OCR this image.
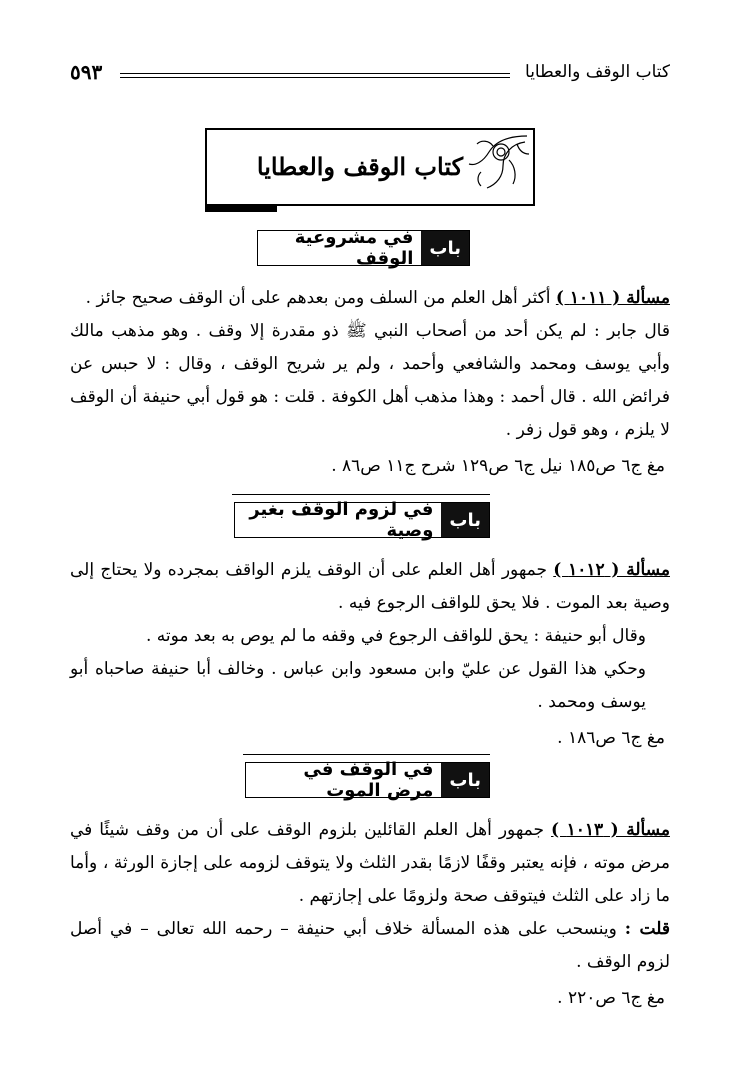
٥٩٣	كتاب الوقف والعطايا
كتاب الوقف والعطايا
باب
في مشروعية الوقف
مسألة ( ١٠١١ ) أكثر أهل العلم من السلف ومن بعدهم على أن الوقف صحيح جائز .
قال جابر : لم يكن أحد من أصحاب النبي ﷺ ذو مقدرة إلا وقف . وهو مذهب مالك وأبي يوسف ومحمد والشافعي وأحمد ، ولم ير شريح الوقف ، وقال : لا حبس عن فرائض الله . قال أحمد : وهذا مذهب أهل الكوفة . قلت : هو قول أبي حنيفة أن الوقف لا يلزم ، وهو قول زفر .
مغ ج٦ ص١٨٥ نيل ج٦ ص١٢٩ شرح ج١١ ص٨٦ .
باب
في لزوم الوقف بغير وصية
مسألة ( ١٠١٢ ) جمهور أهل العلم على أن الوقف يلزم الواقف بمجرده ولا يحتاج إلى وصية بعد الموت . فلا يحق للواقف الرجوع فيه .
وقال أبو حنيفة : يحق للواقف الرجوع في وقفه ما لم يوص به بعد موته .
وحكي هذا القول عن عليّ وابن مسعود وابن عباس . وخالف أبا حنيفة صاحباه أبو يوسف ومحمد .
مغ ج٦ ص١٨٦ .
باب
في الوقف في مرض الموت
مسألة ( ١٠١٣ ) جمهور أهل العلم القائلين بلزوم الوقف على أن من وقف شيئًا في مرض موته ، فإنه يعتبر وقفًا لازمًا بقدر الثلث ولا يتوقف لزومه على إجازة الورثة ، وأما ما زاد على الثلث فيتوقف صحة ولزومًا على إجازتهم .
قلت : وينسحب على هذه المسألة خلاف أبي حنيفة – رحمه الله تعالى – في أصل لزوم الوقف .
مغ ج٦ ص٢٢٠ .
